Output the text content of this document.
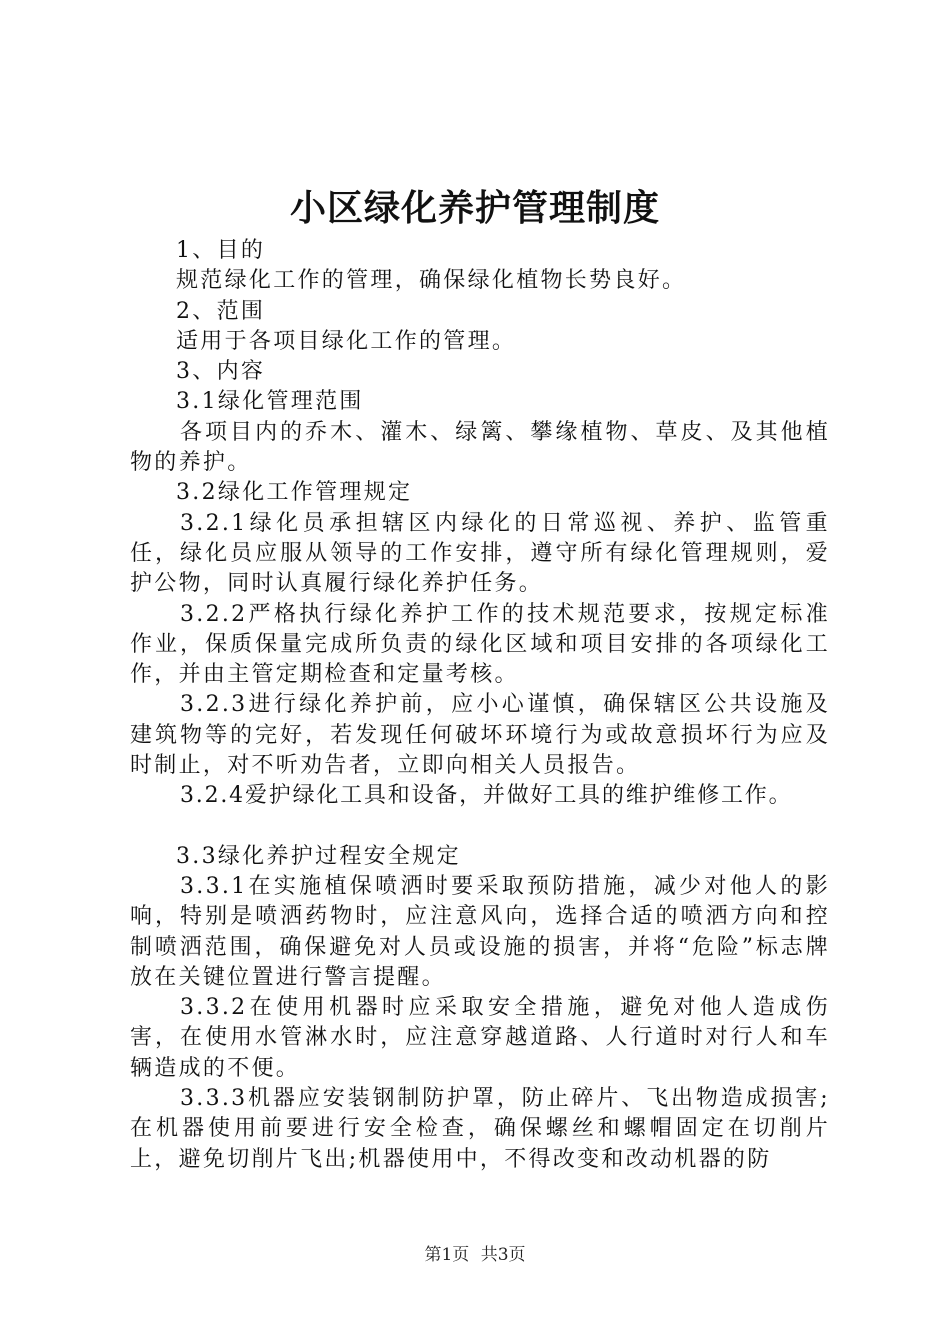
小区绿化养护管理制度

1、目的

规范绿化工作的管理，确保绿化植物长势良好。

2、范围

适用于各项目绿化工作的管理。

3、内容

3.1绿化管理范围

各项目内的乔木、灌木、绿篱、攀缘植物、草皮、及其他植物的养护。

3.2绿化工作管理规定

3.2.1绿化员承担辖区内绿化的日常巡视、养护、监管重任，绿化员应服从领导的工作安排，遵守所有绿化管理规则，爱护公物，同时认真履行绿化养护任务。

3.2.2严格执行绿化养护工作的技术规范要求，按规定标准作业，保质保量完成所负责的绿化区域和项目安排的各项绿化工作，并由主管定期检查和定量考核。

3.2.3进行绿化养护前，应小心谨慎，确保辖区公共设施及建筑物等的完好，若发现任何破坏环境行为或故意损坏行为应及时制止，对不听劝告者，立即向相关人员报告。

3.2.4爱护绿化工具和设备，并做好工具的维护维修工作。

3.3绿化养护过程安全规定

3.3.1在实施植保喷洒时要采取预防措施，减少对他人的影响，特别是喷洒药物时，应注意风向，选择合适的喷洒方向和控制喷洒范围，确保避免对人员或设施的损害，并将“危险”标志牌放在关键位置进行警言提醒。

3.3.2在使用机器时应采取安全措施，避免对他人造成伤害，在使用水管淋水时，应注意穿越道路、人行道时对行人和车辆造成的不便。

3.3.3机器应安装钢制防护罩，防止碎片、飞出物造成损害;在机器使用前要进行安全检查，确保螺丝和螺帽固定在切削片上，避免切削片飞出;机器使用中，不得改变和改动机器的防

第1页 共3页
